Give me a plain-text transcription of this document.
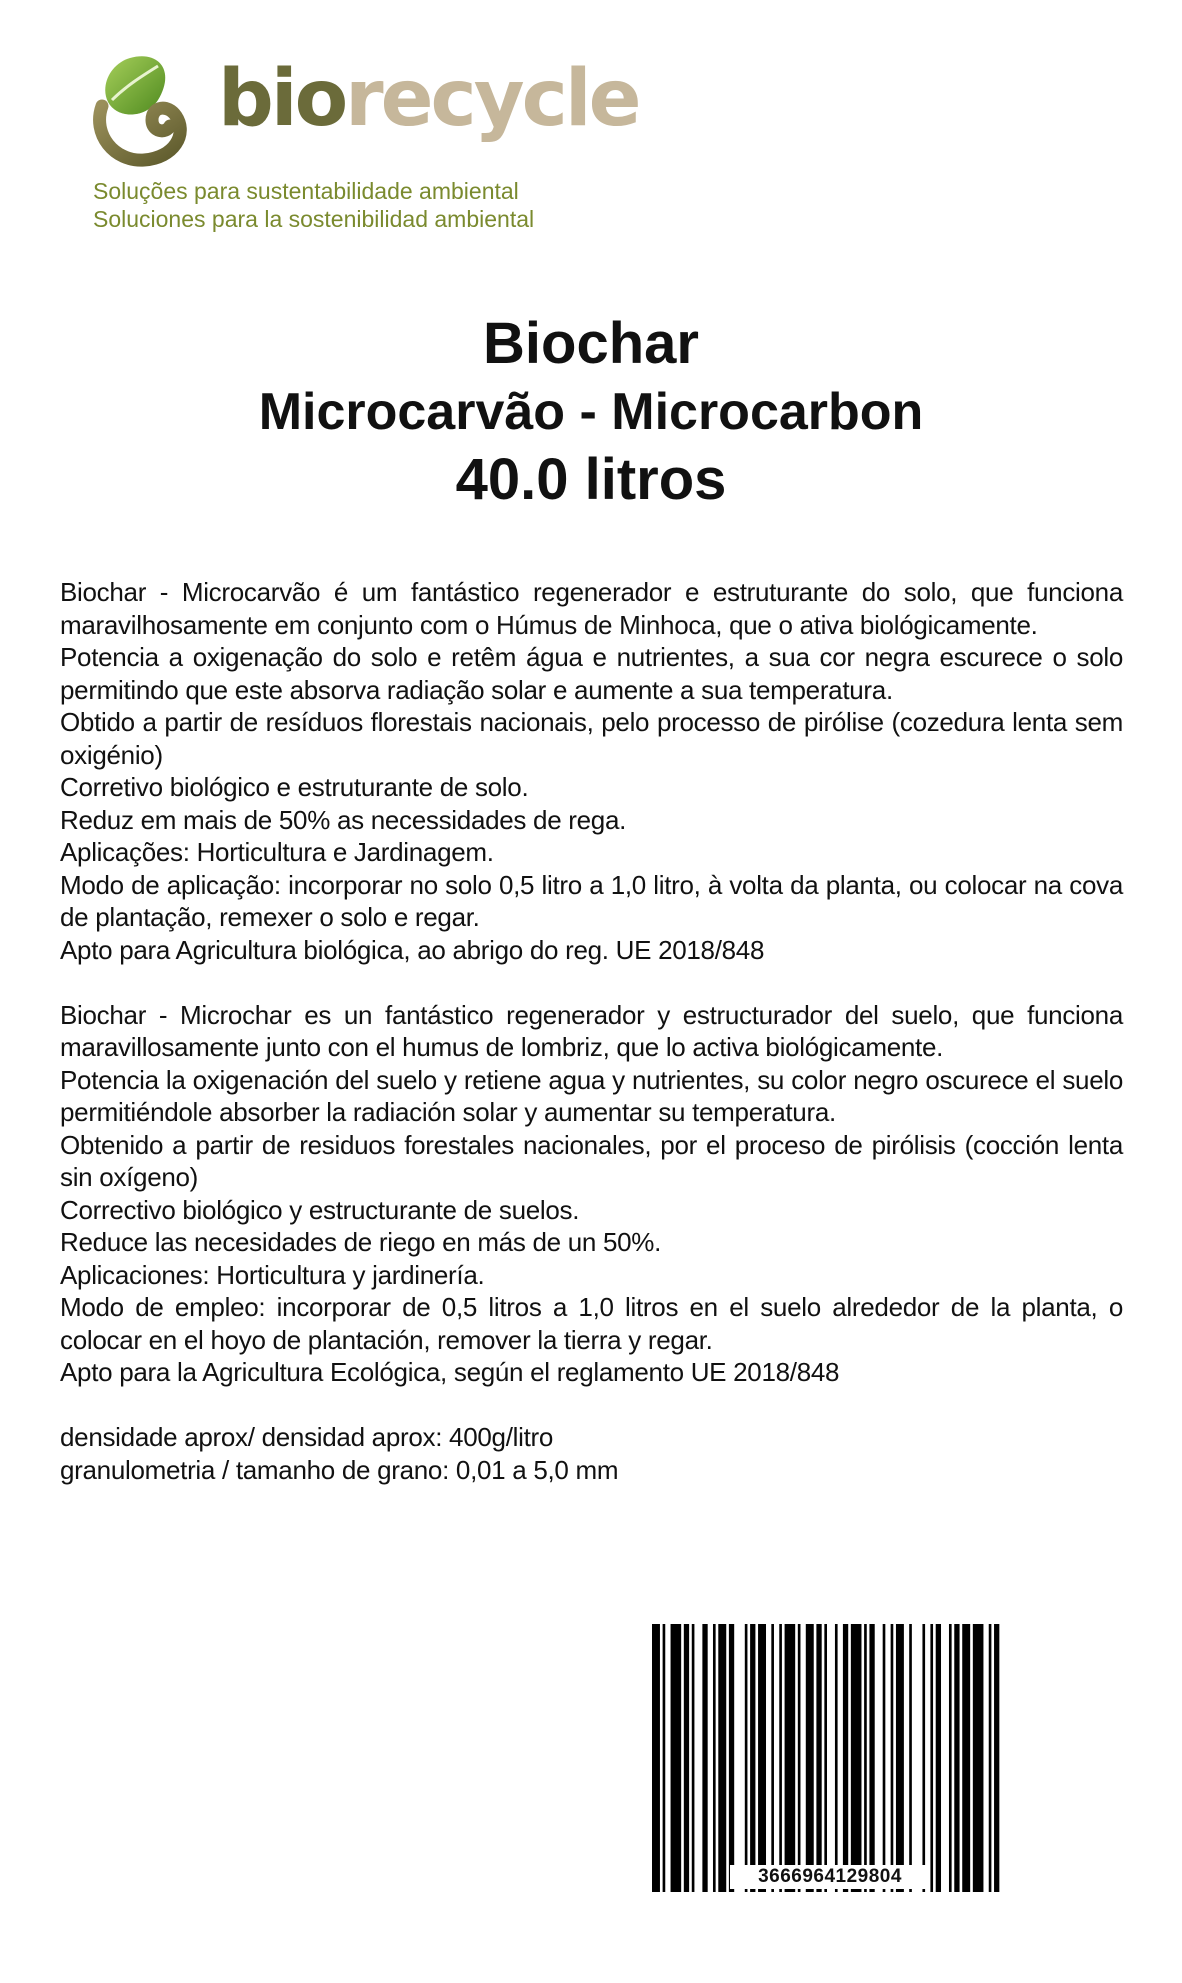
biorecycle
Soluções para sustentabilidade ambiental
Soluciones para la sostenibilidad ambiental
Biochar
Microcarvão - Microcarbon
40.0 litros

Biochar - Microcarvão é um fantástico regenerador e estruturante do solo, que funciona maravilhosamente em conjunto com o Húmus de Minhoca, que o ativa biológicamente.

Potencia a oxigenação do solo e retêm água e nutrientes, a sua cor negra escurece o solo permitindo que este absorva radiação solar e aumente a sua temperatura.

Obtido a partir de resíduos florestais nacionais, pelo processo de pirólise (cozedura lenta sem oxigénio)

Corretivo biológico e estruturante de solo.

Reduz em mais de 50% as necessidades de rega.

Aplicações: Horticultura e Jardinagem.

Modo de aplicação: incorporar no solo 0,5 litro a 1,0 litro, à volta da planta, ou colocar na cova de plantação, remexer o solo e regar.

Apto para Agricultura biológica, ao abrigo do reg. UE 2018/848

Biochar - Microchar es un fantástico regenerador y estructurador del suelo, que funciona maravillosamente junto con el humus de lombriz, que lo activa biológicamente.

Potencia la oxigenación del suelo y retiene agua y nutrientes, su color negro oscurece el suelo permitiéndole absorber la radiación solar y aumentar su temperatura.

Obtenido a partir de residuos forestales nacionales, por el proceso de pirólisis (cocción lenta sin oxígeno)

Correctivo biológico y estructurante de suelos.

Reduce las necesidades de riego en más de un 50%.

Aplicaciones: Horticultura y jardinería.

Modo de empleo: incorporar de 0,5 litros a 1,0 litros en el suelo alrededor de la planta, o colocar en el hoyo de plantación, remover la tierra y regar.

Apto para la Agricultura Ecológica, según el reglamento UE 2018/848

densidade aprox/ densidad aprox: 400g/litro

granulometria / tamanho de grano: 0,01 a 5,0 mm

3666964129804
